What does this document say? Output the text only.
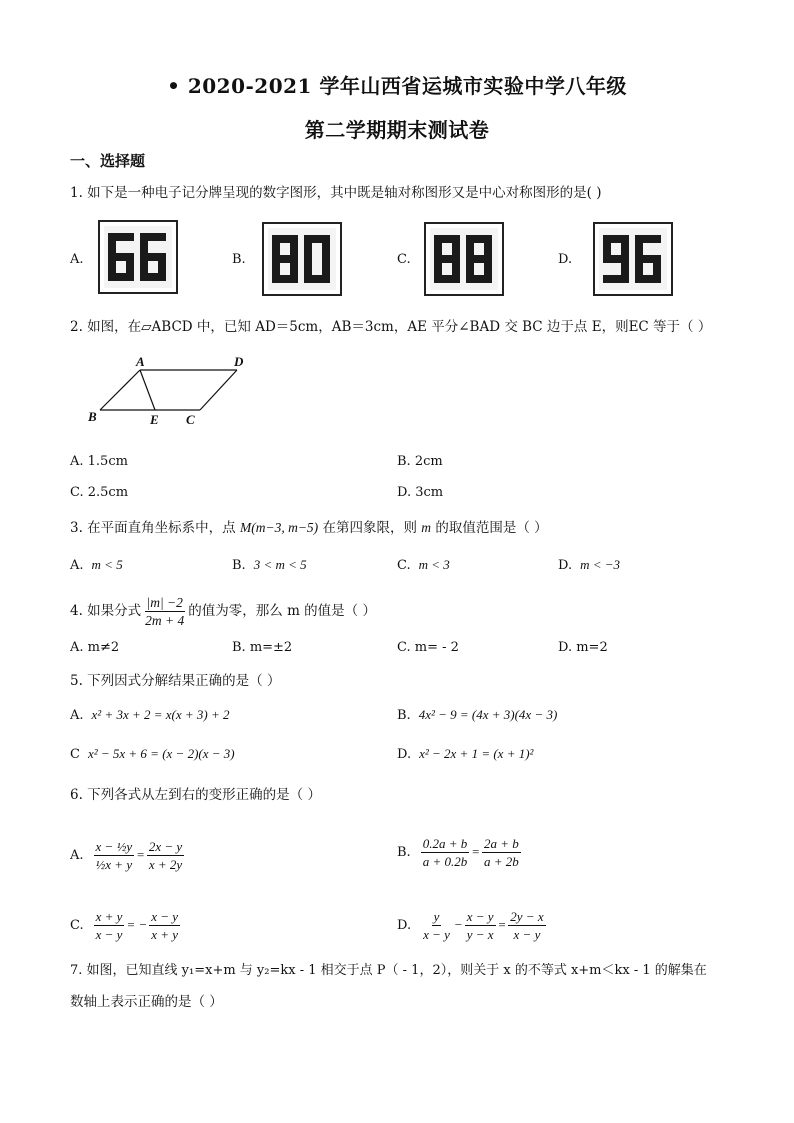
• 2020-2021 学年山西省运城市实验中学八年级
第二学期期末测试卷
一、选择题
1. 如下是一种电子记分牌呈现的数字图形，其中既是轴对称图形又是中心对称图形的是( )
A.	B.	C.	D.
2. 如图，在▱ABCD 中，已知 AD＝5cm，AB＝3cm，AE 平分∠BAD 交 BC 边于点 E，则EC 等于（ ）
A	D
B	E C
A. 1.5cm	B. 2cm
C. 2.5cm	D. 3cm
3. 在平面直角坐标系中，点 M(m−3, m−5) 在第四象限，则 m 的取值范围是（ ）
A. m < 5	B. 3 < m < 5	C. m < 3	D. m < −3
4. 如果分式 $\frac{|m| -2}{2m + 4}$ 的值为零，那么 m 的值是（ ）
A. m≠2	B. m=±2	C. m= - 2	D. m=2
5. 下列因式分解结果正确的是（ ）
A. x² + 3x + 2 = x(x + 3) + 2	B. 4x² − 9 = (4x + 3)(4x − 3)
C x² − 5x + 6 = (x − 2)(x − 3)	D. x² − 2x + 1 = (x + 1)²
6. 下列各式从左到右的变形正确的是（ ）
A. $\frac{\text{x − ½y}}{\text{½x + y}} = \frac{2x - y}{x + 2y}$	B. $\frac{0.2a + b}{a + 0.2b} = \frac{2a + b}{a + 2b}$
C. $\frac{x + y}{x - y}$ = − $\frac{x - y}{x + y}$	D. $\frac{y}{x - y} - \frac{x - y}{y - x} = \frac{2y - x}{x - y}$
7. 如图，已知直线 y₁=x+m 与 y₂=kx - 1 相交于点 P（ - 1，2），则关于 x 的不等式 x+m＜kx - 1 的解集在
数轴上表示正确的是（ ）
